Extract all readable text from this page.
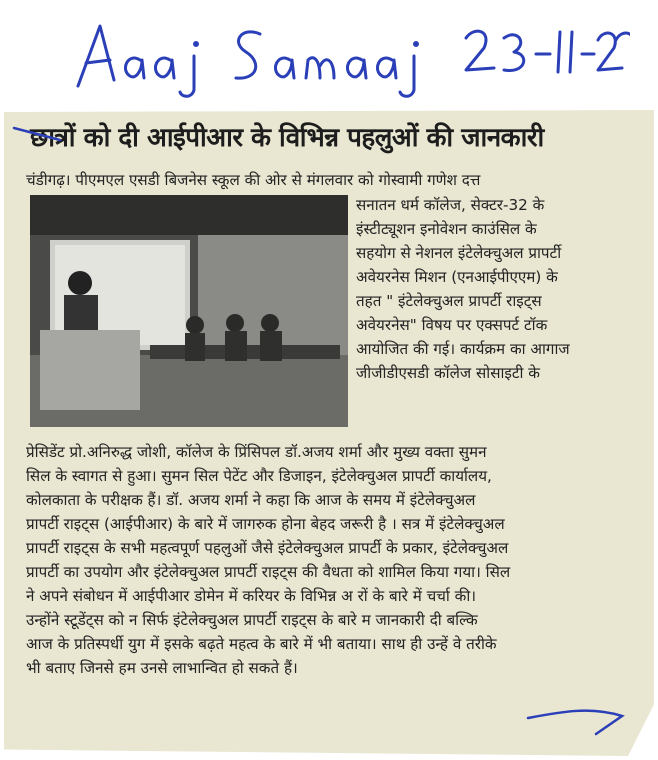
छात्रों को दी आईपीआर के विभिन्न पहलुओं की जानकारी
चंडीगढ़। पीएमएल एसडी बिजनेस स्कूल की ओर से मंगलवार को गोस्वामी गणेश दत्त
सनातन धर्म कॉलेज, सेक्टर-32 के
इंस्टीट्यूशन इनोवेशन काउंसिल के
सहयोग से नेशनल इंटेलेक्चुअल प्रापर्टी
अवेयरनेस मिशन (एनआईपीएएम) के
तहत " इंटेलेक्चुअल प्रापर्टी राइट्स
अवेयरनेस" विषय पर एक्सपर्ट टॉक
आयोजित की गई। कार्यक्रम का आगाज
जीजीडीएसडी कॉलेज सोसाइटी के
प्रेसिडेंट प्रो.अनिरुद्ध जोशी, कॉलेज के प्रिंसिपल डॉ.अजय शर्मा और मुख्य वक्ता सुमन
सिल के स्वागत से हुआ। सुमन सिल पेटेंट और डिजाइन, इंटेलेक्चुअल प्रापर्टी कार्यालय,
कोलकाता के परीक्षक हैं। डॉ. अजय शर्मा ने कहा कि आज के समय में इंटेलेक्चुअल
प्रापर्टी राइट्स (आईपीआर) के बारे में जागरुक होना बेहद जरूरी है । सत्र में इंटेलेक्चुअल
प्रापर्टी राइट्स के सभी महत्वपूर्ण पहलुओं जैसे इंटेलेक्चुअल प्रापर्टी के प्रकार, इंटेलेक्चुअल
प्रापर्टी का उपयोग और इंटेलेक्चुअल प्रापर्टी राइट्स की वैधता को शामिल किया गया। सिल
ने अपने संबोधन में आईपीआर डोमेन में करियर के विभिन्न अ रों के बारे में चर्चा की।
उन्होंने स्टूडेंट्स को न सिर्फ इंटेलेक्चुअल प्रापर्टी राइट्स के बारे म जानकारी दी बल्कि
आज के प्रतिस्पर्धी युग में इसके बढ़ते महत्व के बारे में भी बताया। साथ ही उन्हें वे तरीके
भी बताए जिनसे हम उनसे लाभान्वित हो सकते हैं।
